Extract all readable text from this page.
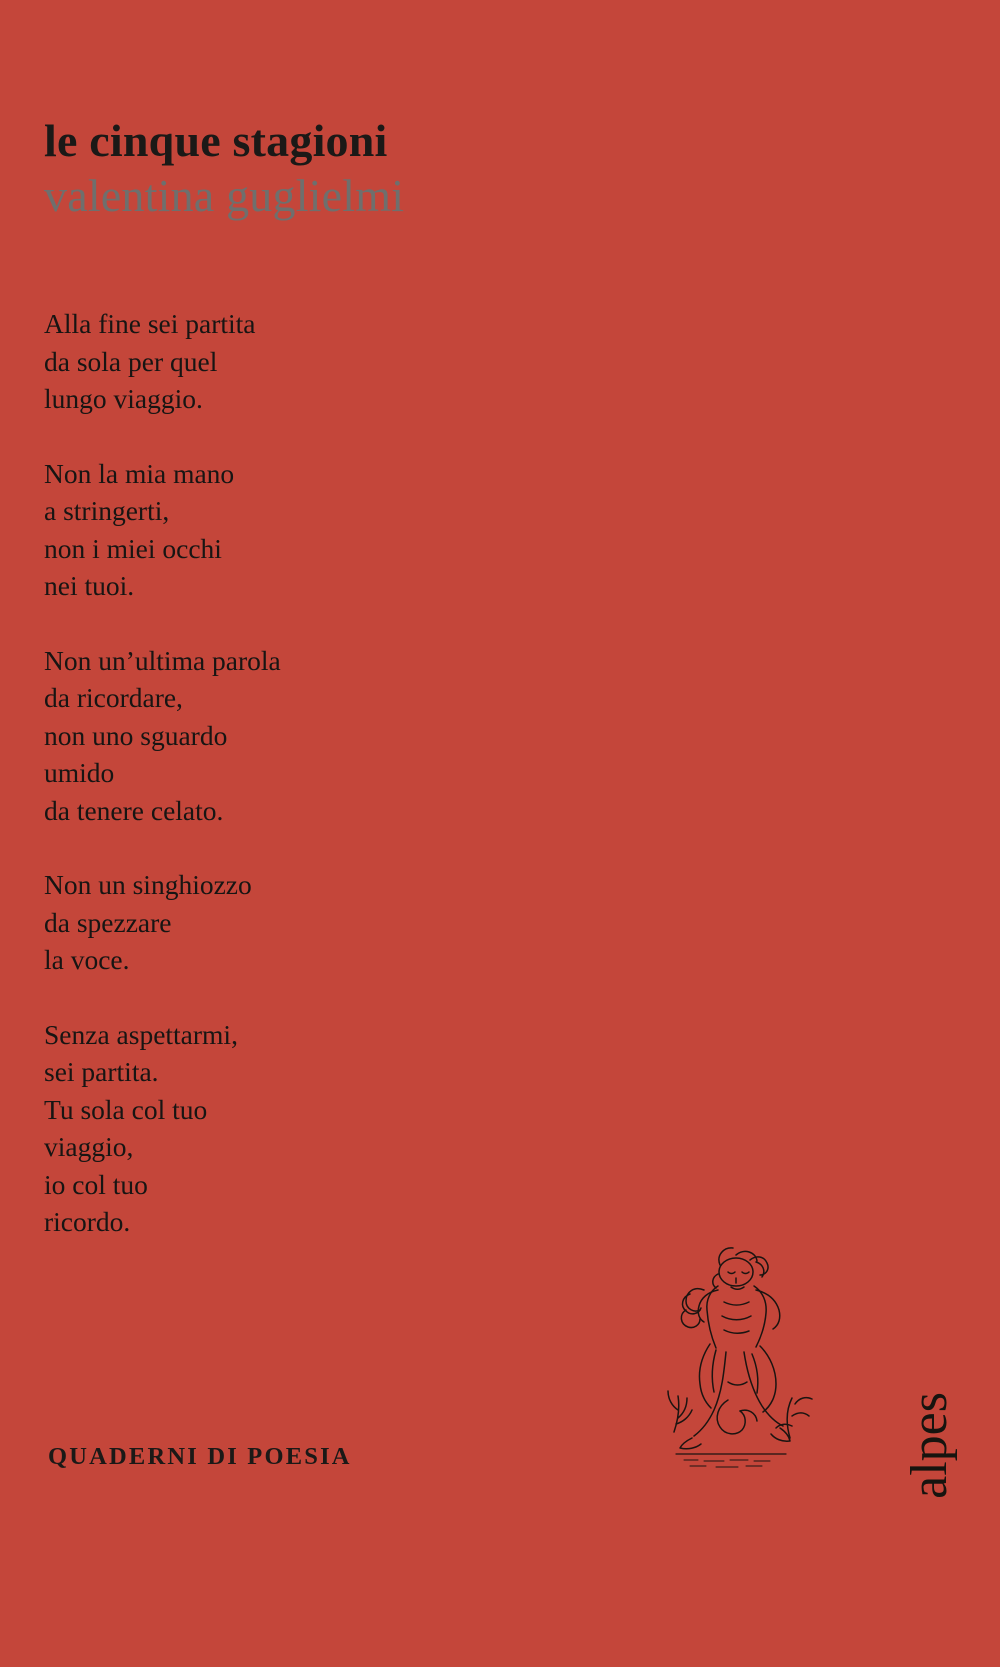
le cinque stagioni
valentina guglielmi
Alla fine sei partita
da sola per quel
lungo viaggio.
Non la mia mano
a stringerti,
non i miei occhi
nei tuoi.
Non un’ultima parola
da ricordare,
non uno sguardo
umido
da tenere celato.
Non un singhiozzo
da spezzare
la voce.
Senza aspettarmi,
sei partita.
Tu sola col tuo
viaggio,
io col tuo
ricordo.
QUADERNI DI POESIA	alpes
